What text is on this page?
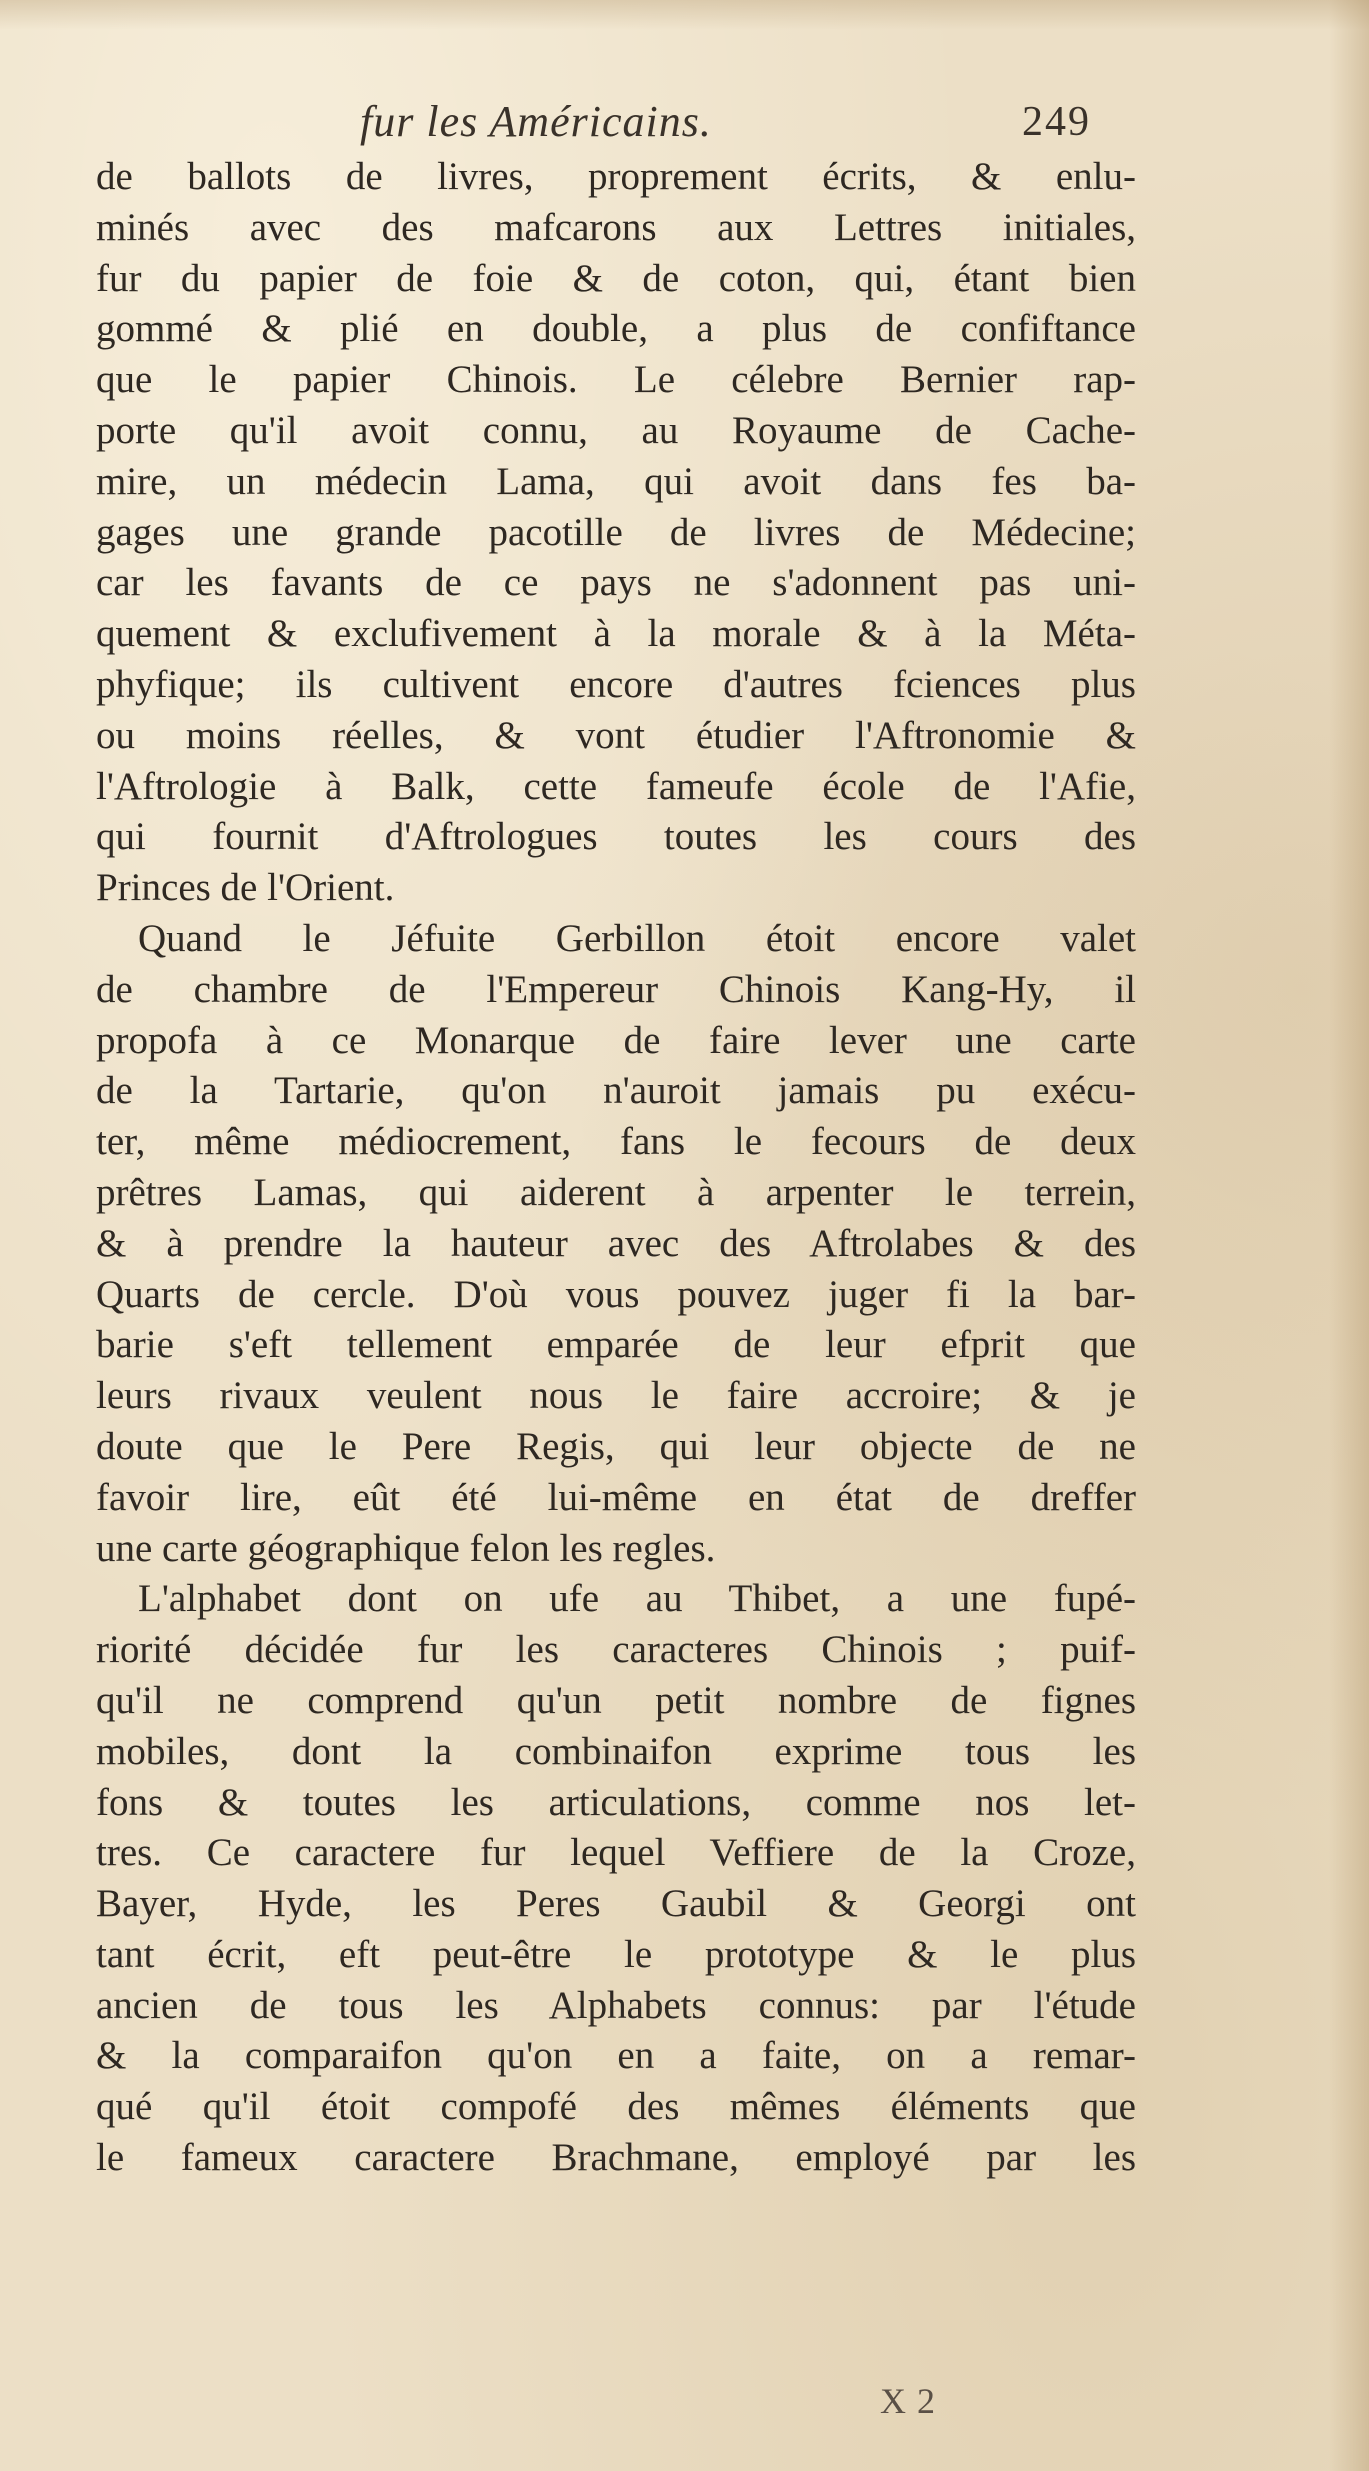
fur les Américains.	249
de ballots de livres, proprement écrits, & enlu-
minés avec des mafcarons aux Lettres initiales,
fur du papier de foie & de coton, qui, étant bien
gommé & plié en double, a plus de confiftance
que le papier Chinois. Le célebre Bernier rap-
porte qu'il avoit connu, au Royaume de Cache-
mire, un médecin Lama, qui avoit dans fes ba-
gages une grande pacotille de livres de Médecine;
car les favants de ce pays ne s'adonnent pas uni-
quement & exclufivement à la morale & à la Méta-
phyfique; ils cultivent encore d'autres fciences plus
ou moins réelles, & vont étudier l'Aftronomie &
l'Aftrologie à Balk, cette fameufe école de l'Afie,
qui fournit d'Aftrologues toutes les cours des
Princes de l'Orient.
Quand le Jéfuite Gerbillon étoit encore valet
de chambre de l'Empereur Chinois Kang-Hy, il
propofa à ce Monarque de faire lever une carte
de la Tartarie, qu'on n'auroit jamais pu exécu-
ter, même médiocrement, fans le fecours de deux
prêtres Lamas, qui aiderent à arpenter le terrein,
& à prendre la hauteur avec des Aftrolabes & des
Quarts de cercle. D'où vous pouvez juger fi la bar-
barie s'eft tellement emparée de leur efprit que
leurs rivaux veulent nous le faire accroire; & je
doute que le Pere Regis, qui leur objecte de ne
favoir lire, eût été lui-même en état de dreffer
une carte géographique felon les regles.
L'alphabet dont on ufe au Thibet, a une fupé-
riorité décidée fur les caracteres Chinois ; puif-
qu'il ne comprend qu'un petit nombre de fignes
mobiles, dont la combinaifon exprime tous les
fons & toutes les articulations, comme nos let-
tres. Ce caractere fur lequel Veffiere de la Croze,
Bayer, Hyde, les Peres Gaubil & Georgi ont
tant écrit, eft peut-être le prototype & le plus
ancien de tous les Alphabets connus: par l'étude
& la comparaifon qu'on en a faite, on a remar-
qué qu'il étoit compofé des mêmes éléments que
le fameux caractere Brachmane, employé par les
X 2
